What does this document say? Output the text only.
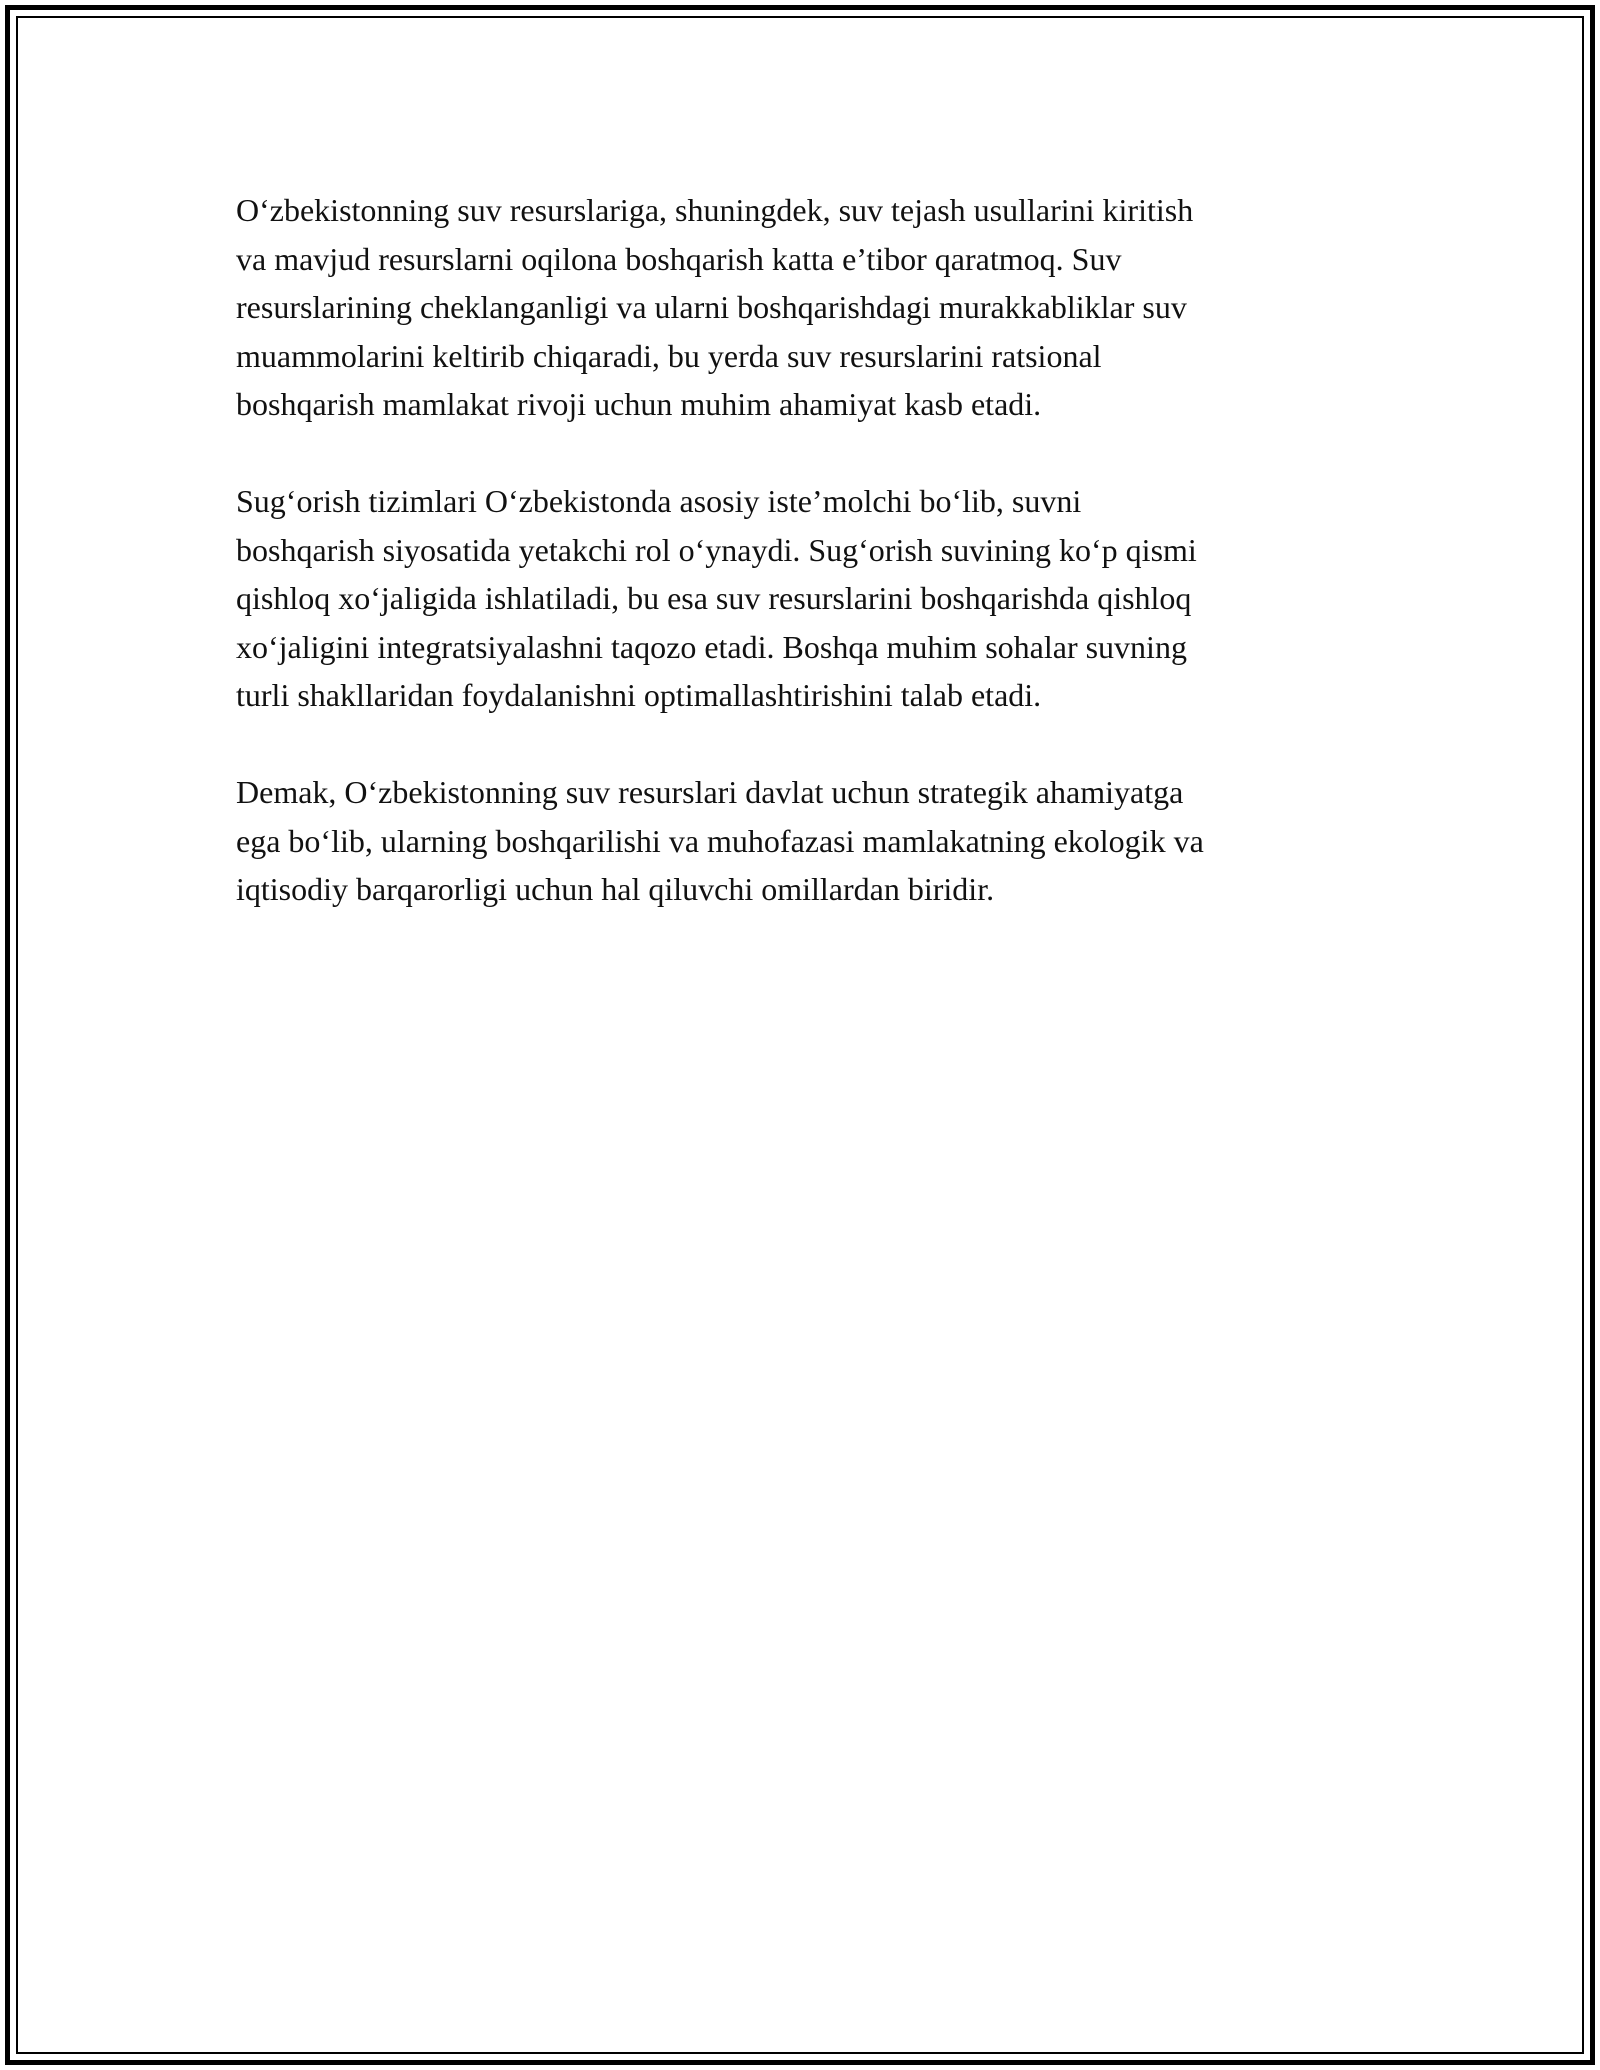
O‘zbekistonning suv resurslariga, shuningdek, suv tejash usullarini kiritish
va mavjud resurslarni oqilona boshqarish katta e’tibor qaratmoq. Suv
resurslarining cheklanganligi va ularni boshqarishdagi murakkabliklar suv
muammolarini keltirib chiqaradi, bu yerda suv resurslarini ratsional
boshqarish mamlakat rivoji uchun muhim ahamiyat kasb etadi.

Sug‘orish tizimlari O‘zbekistonda asosiy iste’molchi bo‘lib, suvni
boshqarish siyosatida yetakchi rol o‘ynaydi. Sug‘orish suvining ko‘p qismi
qishloq xo‘jaligida ishlatiladi, bu esa suv resurslarini boshqarishda qishloq
xo‘jaligini integratsiyalashni taqozo etadi. Boshqa muhim sohalar suvning
turli shakllaridan foydalanishni optimallashtirishini talab etadi.

Demak, O‘zbekistonning suv resurslari davlat uchun strategik ahamiyatga
ega bo‘lib, ularning boshqarilishi va muhofazasi mamlakatning ekologik va
iqtisodiy barqarorligi uchun hal qiluvchi omillardan biridir.
